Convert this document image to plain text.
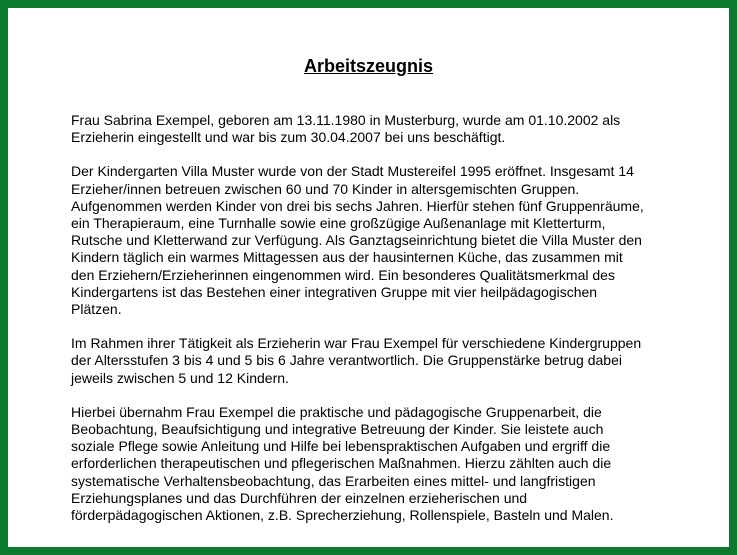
Arbeitszeugnis

Frau Sabrina Exempel, geboren am 13.11.1980 in Musterburg, wurde am 01.10.2002 als
Erzieherin eingestellt und war bis zum 30.04.2007 bei uns beschäftigt.

Der Kindergarten Villa Muster wurde von der Stadt Mustereifel 1995 eröffnet. Insgesamt 14
Erzieher/innen betreuen zwischen 60 und 70 Kinder in altersgemischten Gruppen.
Aufgenommen werden Kinder von drei bis sechs Jahren. Hierfür stehen fünf Gruppenräume,
ein Therapieraum, eine Turnhalle sowie eine großzügige Außenanlage mit Kletterturm,
Rutsche und Kletterwand zur Verfügung. Als Ganztagseinrichtung bietet die Villa Muster den
Kindern täglich ein warmes Mittagessen aus der hausinternen Küche, das zusammen mit
den Erziehern/Erzieherinnen eingenommen wird. Ein besonderes Qualitätsmerkmal des
Kindergartens ist das Bestehen einer integrativen Gruppe mit vier heilpädagogischen
Plätzen.

Im Rahmen ihrer Tätigkeit als Erzieherin war Frau Exempel für verschiedene Kindergruppen
der Altersstufen 3 bis 4 und 5 bis 6 Jahre verantwortlich. Die Gruppenstärke betrug dabei
jeweils zwischen 5 und 12 Kindern.

Hierbei übernahm Frau Exempel die praktische und pädagogische Gruppenarbeit, die
Beobachtung, Beaufsichtigung und integrative Betreuung der Kinder. Sie leistete auch
soziale Pflege sowie Anleitung und Hilfe bei lebenspraktischen Aufgaben und ergriff die
erforderlichen therapeutischen und pflegerischen Maßnahmen. Hierzu zählten auch die
systematische Verhaltensbeobachtung, das Erarbeiten eines mittel- und langfristigen
Erziehungsplanes und das Durchführen der einzelnen erzieherischen und
förderpädagogischen Aktionen, z.B. Sprecherziehung, Rollenspiele, Basteln und Malen.
